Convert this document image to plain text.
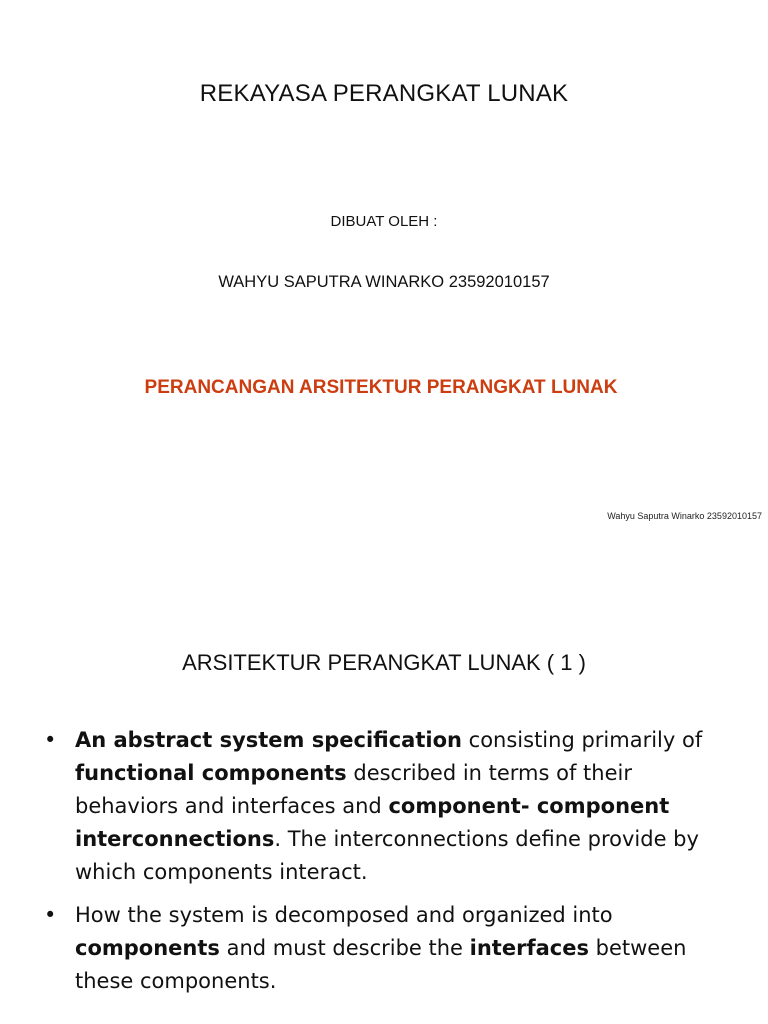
REKAYASA PERANGKAT LUNAK
DIBUAT OLEH :
WAHYU SAPUTRA WINARKO 23592010157
PERANCANGAN ARSITEKTUR PERANGKAT LUNAK
Wahyu Saputra Winarko 23592010157
ARSITEKTUR PERANGKAT LUNAK ( 1 )
• An abstract system specification consisting primarily of functional components described in terms of their behaviors and interfaces and component- component interconnections. The interconnections define provide by which components interact.
• How the system is decomposed and organized into components and must describe the interfaces between these components.
